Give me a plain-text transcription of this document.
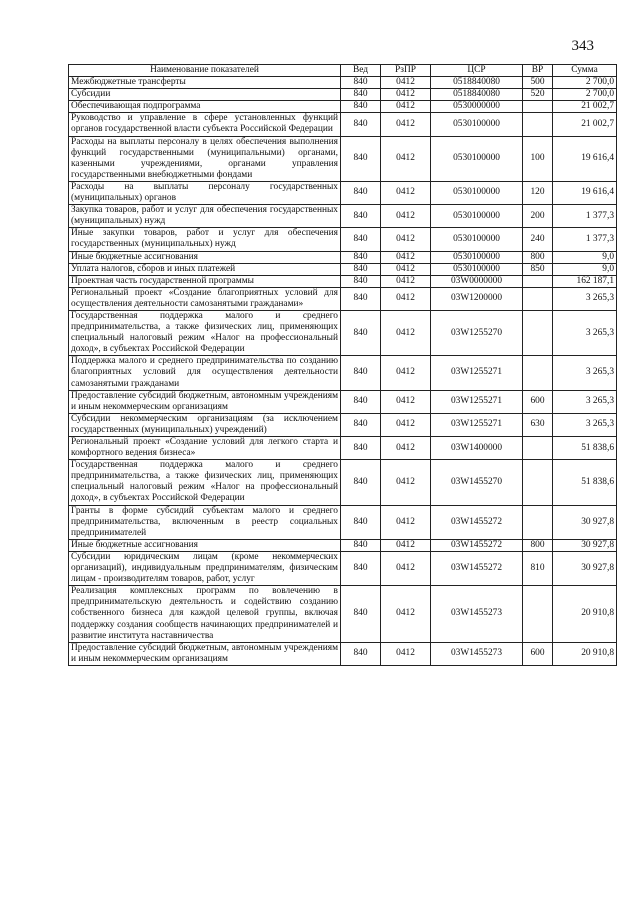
343
Наименование показателей	Вед	РзПР	ЦСР	ВР	Сумма
Межбюджетные трансферты	840	0412	0518840080	500	2 700,0
Субсидии	840	0412	0518840080	520	2 700,0
Обеспечивающая подпрограмма	840	0412	0530000000		21 002,7
Руководство и управление в сфере установленных функций органов государственной власти субъекта Российской Федерации	840	0412	0530100000		21 002,7
Расходы на выплаты персоналу в целях обеспечения выполнения функций государственными (муниципальными) органами, казенными учреждениями, органами управления государственными внебюджетными фондами	840	0412	0530100000	100	19 616,4
Расходы на выплаты персоналу государственных (муниципальных) органов	840	0412	0530100000	120	19 616,4
Закупка товаров, работ и услуг для обеспечения государственных (муниципальных) нужд	840	0412	0530100000	200	1 377,3
Иные закупки товаров, работ и услуг для обеспечения государственных (муниципальных) нужд	840	0412	0530100000	240	1 377,3
Иные бюджетные ассигнования	840	0412	0530100000	800	9,0
Уплата налогов, сборов и иных платежей	840	0412	0530100000	850	9,0
Проектная часть государственной программы	840	0412	03W0000000		162 187,1
Региональный проект «Создание благоприятных условий для осуществления деятельности самозанятыми гражданами»	840	0412	03W1200000		3 265,3
Государственная поддержка малого и среднего предпринимательства, а также физических лиц, применяющих специальный налоговый режим «Налог на профессиональный доход», в субъектах Российской Федерации	840	0412	03W1255270		3 265,3
Поддержка малого и среднего предпринимательства по созданию благоприятных условий для осуществления деятельности самозанятыми гражданами	840	0412	03W1255271		3 265,3
Предоставление субсидий бюджетным, автономным учреждениям и иным некоммерческим организациям	840	0412	03W1255271	600	3 265,3
Субсидии некоммерческим организациям (за исключением государственных (муниципальных) учреждений)	840	0412	03W1255271	630	3 265,3
Региональный проект «Создание условий для легкого старта и комфортного ведения бизнеса»	840	0412	03W1400000		51 838,6
Государственная поддержка малого и среднего предпринимательства, а также физических лиц, применяющих специальный налоговый режим «Налог на профессиональный доход», в субъектах Российской Федерации	840	0412	03W1455270		51 838,6
Гранты в форме субсидий субъектам малого и среднего предпринимательства, включенным в реестр социальных предпринимателей	840	0412	03W1455272		30 927,8
Иные бюджетные ассигнования	840	0412	03W1455272	800	30 927,8
Субсидии юридическим лицам (кроме некоммерческих организаций), индивидуальным предпринимателям, физическим лицам - производителям товаров, работ, услуг	840	0412	03W1455272	810	30 927,8
Реализация комплексных программ по вовлечению в предпринимательскую деятельность и содействию созданию собственного бизнеса для каждой целевой группы, включая поддержку создания сообществ начинающих предпринимателей и развитие института наставничества	840	0412	03W1455273		20 910,8
Предоставление субсидий бюджетным, автономным учреждениям и иным некоммерческим организациям	840	0412	03W1455273	600	20 910,8
